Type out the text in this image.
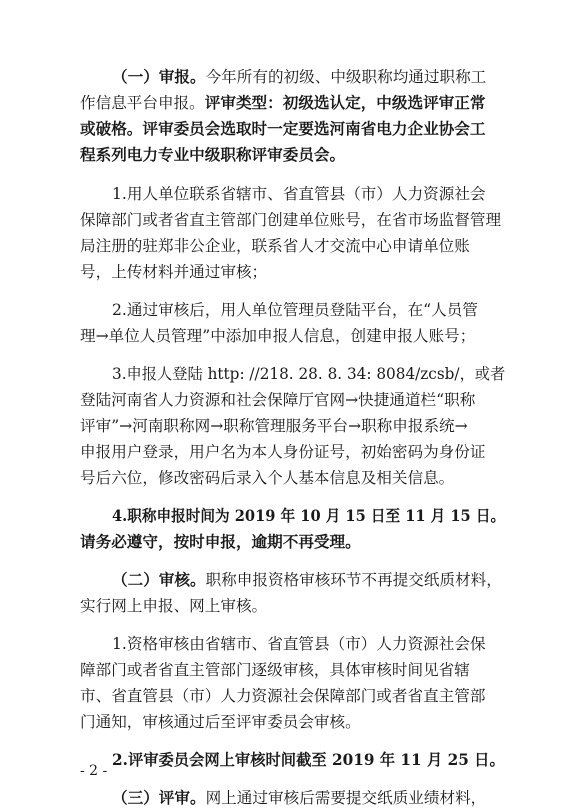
（一）审报。今年所有的初级、中级职称均通过职称工

作信息平台申报。评审类型：初级选认定，中级选评审正常

或破格。评审委员会选取时一定要选河南省电力企业协会工

程系列电力专业中级职称评审委员会。

1.用人单位联系省辖市、省直管县（市）人力资源社会

保障部门或者省直主管部门创建单位账号，在省市场监督管理

局注册的驻郑非公企业，联系省人才交流中心申请单位账

号，上传材料并通过审核；

2.通过审核后，用人单位管理员登陆平台，在“人员管

理→单位人员管理”中添加申报人信息，创建申报人账号；

3.申报人登陆 http: //218. 28. 8. 34: 8084/zcsb/，或者

登陆河南省人力资源和社会保障厅官网→快捷通道栏“职称

评审”→河南职称网→职称管理服务平台→职称申报系统→

申报用户登录，用户名为本人身份证号，初始密码为身份证

号后六位，修改密码后录入个人基本信息及相关信息。

4.职称申报时间为 2019 年 10 月 15 日至 11 月 15 日。

请务必遵守，按时申报，逾期不再受理。

（二）审核。职称申报资格审核环节不再提交纸质材料，

实行网上申报、网上审核。

1.资格审核由省辖市、省直管县（市）人力资源社会保

障部门或者省直主管部门逐级审核，具体审核时间见省辖

市、省直管县（市）人力资源社会保障部门或者省直主管部

门通知，审核通过后至评审委员会审核。

2.评审委员会网上审核时间截至 2019 年 11 月 25 日。

（三）评审。网上通过审核后需要提交纸质业绩材料，

- 2 -
